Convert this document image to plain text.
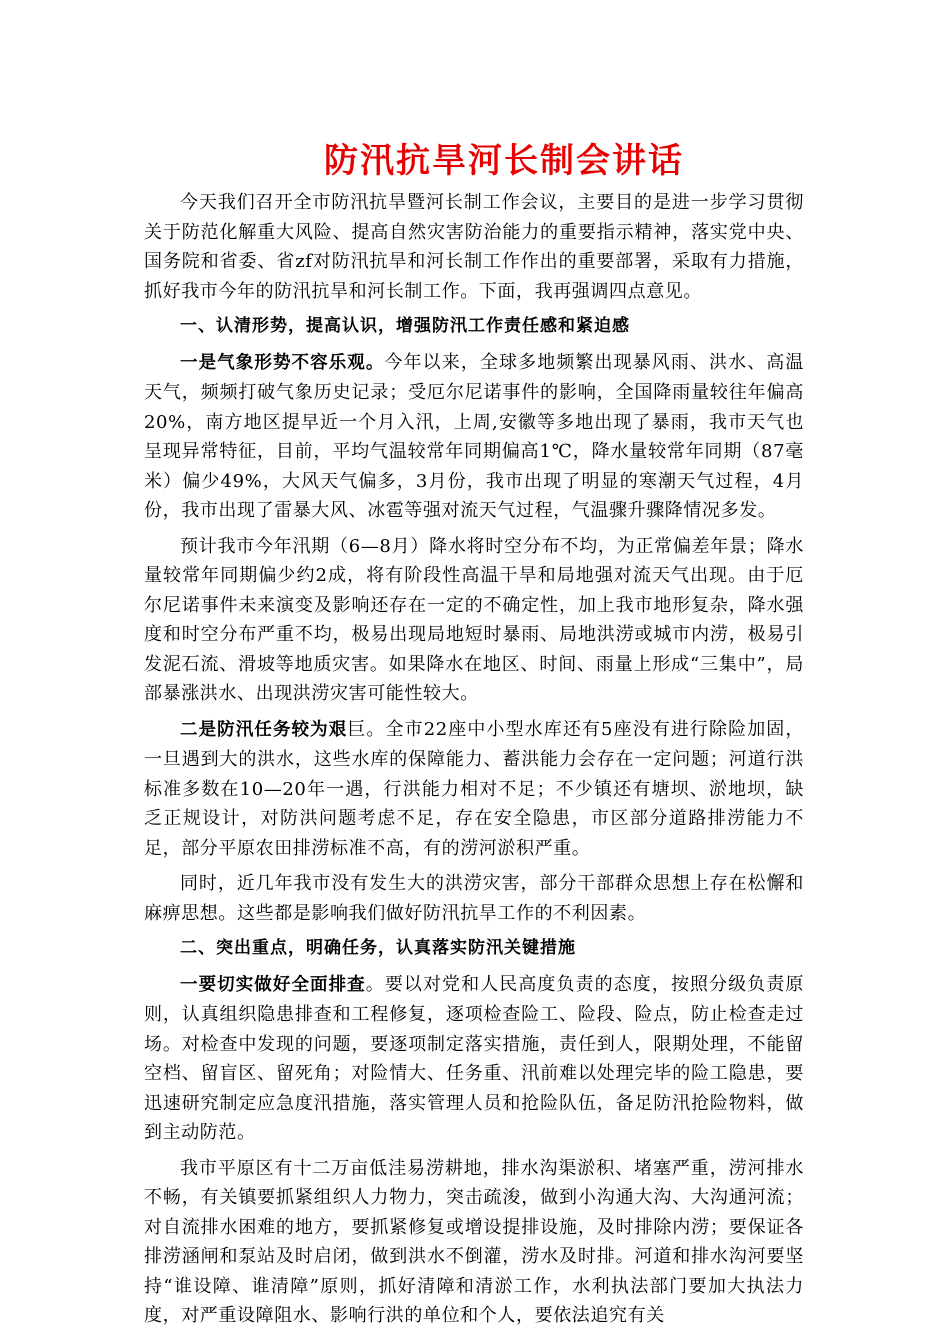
防汛抗旱河长制会讲话

今天我们召开全市防汛抗旱暨河长制工作会议，主要目的是进一步学习贯彻关于防范化解重大风险、提高自然灾害防治能力的重要指示精神，落实党中央、国务院和省委、省zf对防汛抗旱和河长制工作作出的重要部署，采取有力措施，抓好我市今年的防汛抗旱和河长制工作。下面，我再强调四点意见。

一、认清形势，提高认识，增强防汛工作责任感和紧迫感

一是气象形势不容乐观。今年以来，全球多地频繁出现暴风雨、洪水、高温天气，频频打破气象历史记录；受厄尔尼诺事件的影响，全国降雨量较往年偏高20%，南方地区提早近一个月入汛，上周,安徽等多地出现了暴雨，我市天气也呈现异常特征，目前，平均气温较常年同期偏高1℃，降水量较常年同期（87毫米）偏少49%，大风天气偏多，3月份，我市出现了明显的寒潮天气过程，4月份，我市出现了雷暴大风、冰雹等强对流天气过程，气温骤升骤降情况多发。

预计我市今年汛期（6—8月）降水将时空分布不均，为正常偏差年景；降水量较常年同期偏少约2成，将有阶段性高温干旱和局地强对流天气出现。由于厄尔尼诺事件未来演变及影响还存在一定的不确定性，加上我市地形复杂，降水强度和时空分布严重不均，极易出现局地短时暴雨、局地洪涝或城市内涝，极易引发泥石流、滑坡等地质灾害。如果降水在地区、时间、雨量上形成“三集中”，局部暴涨洪水、出现洪涝灾害可能性较大。

二是防汛任务较为艰巨。全市22座中小型水库还有5座没有进行除险加固，一旦遇到大的洪水，这些水库的保障能力、蓄洪能力会存在一定问题；河道行洪标准多数在10—20年一遇，行洪能力相对不足；不少镇还有塘坝、淤地坝，缺乏正规设计，对防洪问题考虑不足，存在安全隐患，市区部分道路排涝能力不足，部分平原农田排涝标准不高，有的涝河淤积严重。

同时，近几年我市没有发生大的洪涝灾害，部分干部群众思想上存在松懈和麻痹思想。这些都是影响我们做好防汛抗旱工作的不利因素。

二、突出重点，明确任务，认真落实防汛关键措施

一要切实做好全面排查。要以对党和人民高度负责的态度，按照分级负责原则，认真组织隐患排查和工程修复，逐项检查险工、险段、险点，防止检查走过场。对检查中发现的问题，要逐项制定落实措施，责任到人，限期处理，不能留空档、留盲区、留死角；对险情大、任务重、汛前难以处理完毕的险工隐患，要迅速研究制定应急度汛措施，落实管理人员和抢险队伍，备足防汛抢险物料，做到主动防范。

我市平原区有十二万亩低洼易涝耕地，排水沟渠淤积、堵塞严重，涝河排水不畅，有关镇要抓紧组织人力物力，突击疏浚，做到小沟通大沟、大沟通河流；对自流排水困难的地方，要抓紧修复或增设提排设施，及时排除内涝；要保证各排涝涵闸和泵站及时启闭，做到洪水不倒灌，涝水及时排。河道和排水沟河要坚持“谁设障、谁清障”原则，抓好清障和清淤工作，水利执法部门要加大执法力度，对严重设障阻水、影响行洪的单位和个人，要依法追究有关
